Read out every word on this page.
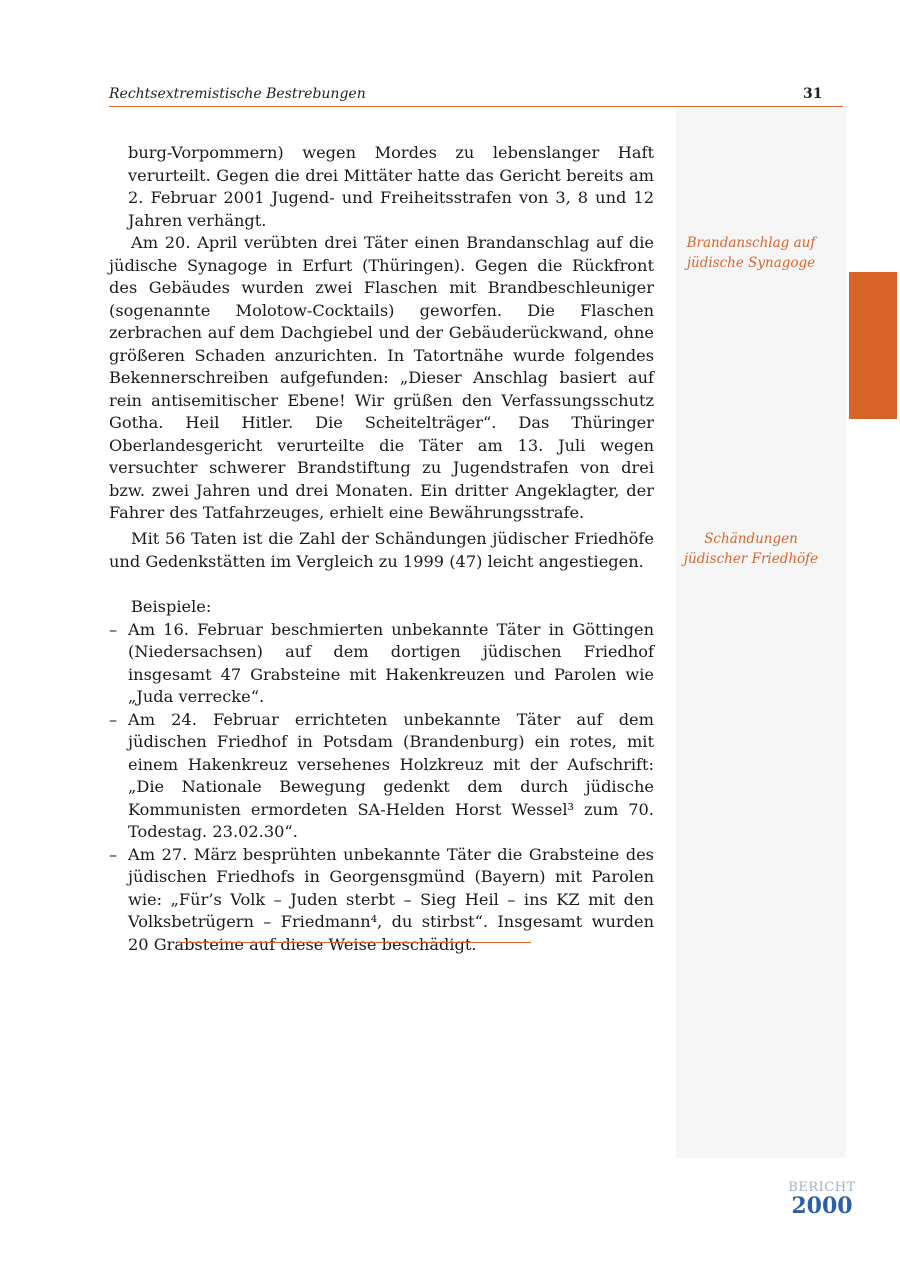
Rechtsextremistische Bestrebungen	31
burg-Vorpommern) wegen Mordes zu lebenslanger Haft verurteilt. Gegen die drei Mittäter hatte das Gericht bereits am 2. Februar 2001 Jugend- und Freiheitsstrafen von 3, 8 und 12 Jahren verhängt.
Am 20. April verübten drei Täter einen Brandanschlag auf die jüdische Synagoge in Erfurt (Thüringen). Gegen die Rückfront des Gebäudes wurden zwei Flaschen mit Brandbeschleuniger (sogenannte Molotow-Cocktails) geworfen. Die Flaschen zerbrachen auf dem Dachgiebel und der Gebäuderückwand, ohne größeren Schaden anzurichten. In Tatortnähe wurde folgendes Bekennerschreiben aufgefunden: „Dieser Anschlag basiert auf rein antisemitischer Ebene! Wir grüßen den Verfassungsschutz Gotha. Heil Hitler. Die Scheitelträger“. Das Thüringer Oberlandesgericht verurteilte die Täter am 13. Juli wegen versuchter schwerer Brandstiftung zu Jugendstrafen von drei bzw. zwei Jahren und drei Monaten. Ein dritter Angeklagter, der Fahrer des Tatfahrzeuges, erhielt eine Bewährungsstrafe.
Mit 56 Taten ist die Zahl der Schändungen jüdischer Friedhöfe und Gedenkstätten im Vergleich zu 1999 (47) leicht angestiegen.
Beispiele:
– Am 16. Februar beschmierten unbekannte Täter in Göttingen (Niedersachsen) auf dem dortigen jüdischen Friedhof insgesamt 47 Grabsteine mit Hakenkreuzen und Parolen wie „Juda verrecke“.
– Am 24. Februar errichteten unbekannte Täter auf dem jüdischen Friedhof in Potsdam (Brandenburg) ein rotes, mit einem Hakenkreuz versehenes Holzkreuz mit der Aufschrift: „Die Nationale Bewegung gedenkt dem durch jüdische Kommunisten ermordeten SA-Helden Horst Wessel³ zum 70. Todestag. 23.02.30“.
– Am 27. März besprühten unbekannte Täter die Grabsteine des jüdischen Friedhofs in Georgensgmünd (Bayern) mit Parolen wie: „Für’s Volk – Juden sterbt – Sieg Heil – ins KZ mit den Volksbetrügern – Friedmann⁴, du stirbst“. Insgesamt wurden 20 Grabsteine auf diese Weise beschädigt.
Brandanschlag auf
jüdische Synagoge
Schändungen
jüdischer Friedhöfe
BERICHT
2000
